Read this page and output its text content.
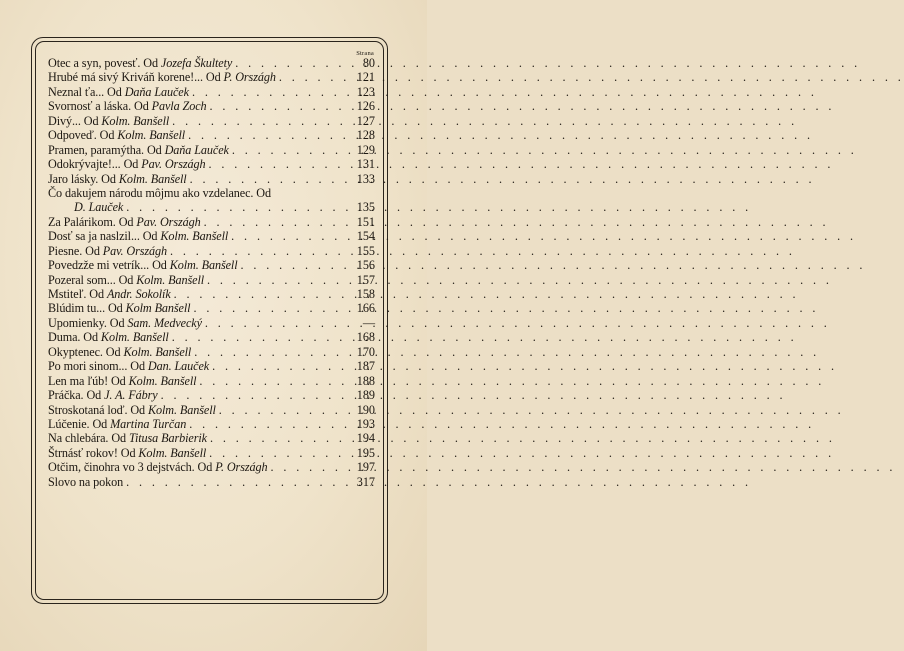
Strana
Otec a syn, povesť. Od Jozefa Škultety . . .	80
Hrubé má sivý Kriváň korene!... Od P. Országh . . .	121
Neznal ťa... Od Daňa Lauček . . .	123
Svornosť a láska. Od Pavla Zoch . . .	126
Divý... Od Kolm. Banšell . . .	127
Odpoveď. Od Kolm. Banšell . . .	128
Pramen, paramýtha. Od Daňa Lauček . . .	129
Odokrývajte!... Od Pav. Országh . . .	131
Jaro lásky. Od Kolm. Banšell . . .	133
Čo dakujem národu môjmu ako vzdelanec. Od
D. Lauček . . .	135
Za Palárikom. Od Pav. Országh . . .	151
Dosť sa ja naslzil... Od Kolm. Banšell . . .	154
Piesne. Od Pav. Országh . . .	155
Povedzže mi vetrík... Od Kolm. Banšell . . .	156
Pozeral som... Od Kolm. Banšell . . .	157
Mstiteľ. Od Andr. Sokolík . . .	158
Blúdim tu... Od Kolm Banšell . . .	166
Upomienky. Od Sam. Medvecký . . .	—
Duma. Od Kolm. Banšell . . .	168
Okyptenec. Od Kolm. Banšell . . .	170
Po mori sinom... Od Dan. Lauček . . .	187
Len ma ľúb! Od Kolm. Banšell . . .	188
Práčka. Od J. A. Fábry . . .	189
Stroskotaná loď. Od Kolm. Banšell . . .	190
Lúčenie. Od Martina Turčan . . .	193
Na chlebára. Od Titusa Barbierik . . .	194
Štrnásť rokov! Od Kolm. Banšell . . .	195
Otčim, činohra vo 3 dejstvách. Od P. Országh . . .	197
Slovo na pokon . . .	317
